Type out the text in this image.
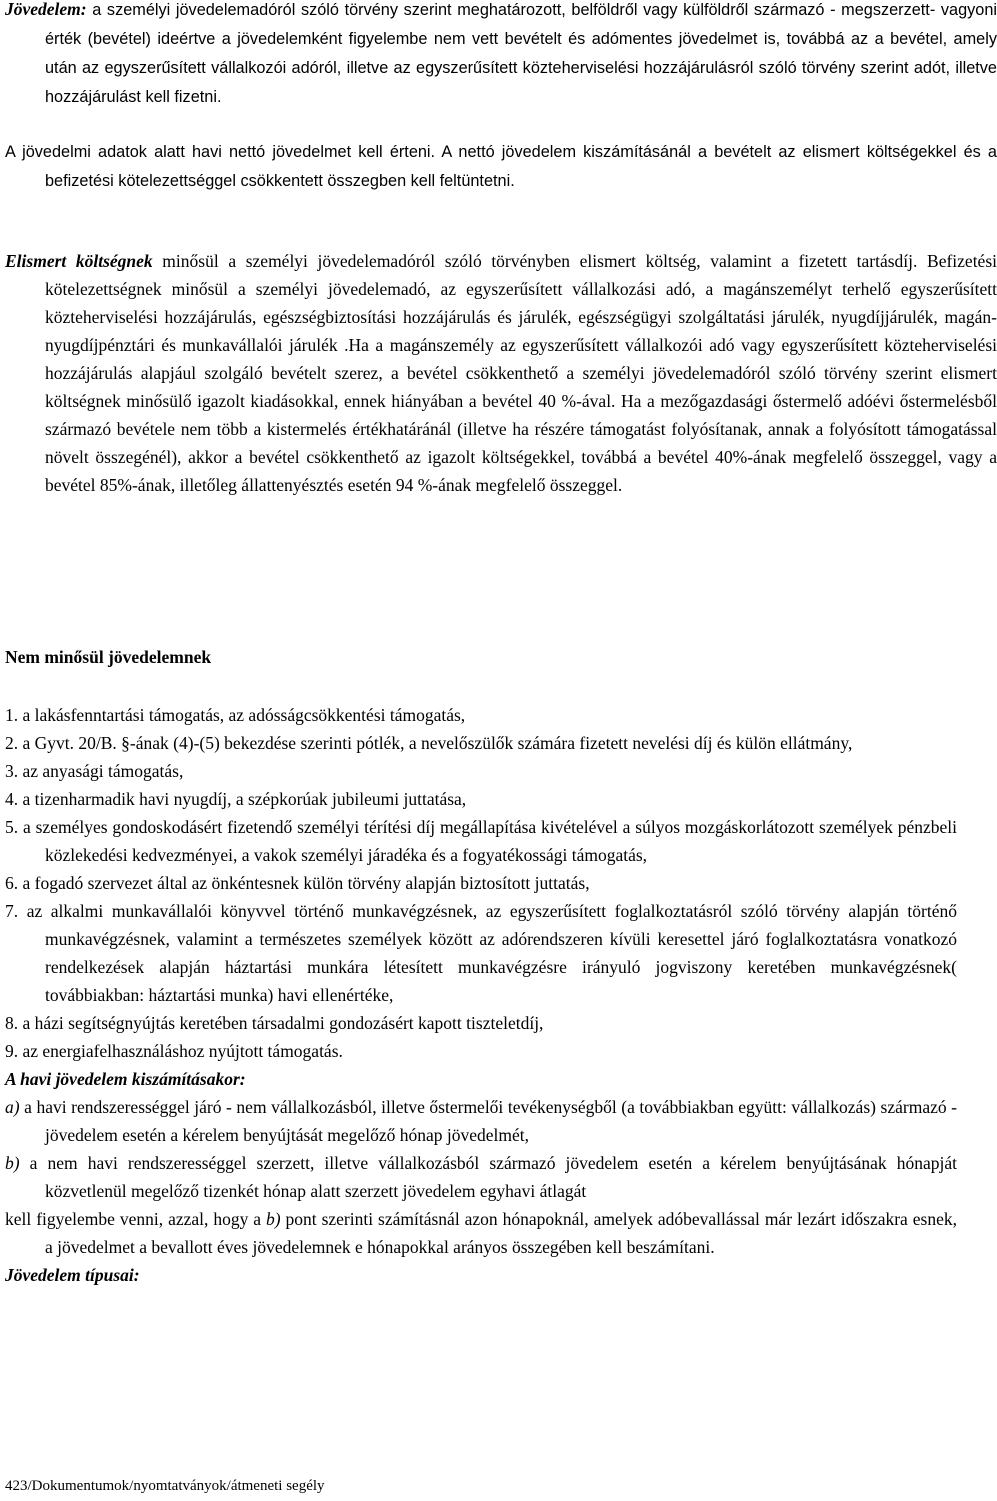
Jövedelem: a személyi jövedelemadóról szóló törvény szerint meghatározott, belföldről vagy külföldről származó - megszerzett- vagyoni érték (bevétel) ideértve a jövedelemként figyelembe nem vett bevételt és adómentes jövedelmet is, továbbá az a bevétel, amely után az egyszerűsített vállalkozói adóról, illetve az egyszerűsített közteherviselési hozzájárulásról szóló törvény szerint adót, illetve hozzájárulást kell fizetni.

A jövedelmi adatok alatt havi nettó jövedelmet kell érteni. A nettó jövedelem kiszámításánál a bevételt az elismert költségekkel és a befizetési kötelezettséggel csökkentett összegben kell feltüntetni.

Elismert költségnek minősül a személyi jövedelemadóról szóló törvényben elismert költség, valamint a fizetett tartásdíj. Befizetési kötelezettségnek minősül a személyi jövedelemadó, az egyszerűsített vállalkozási adó, a magánszemélyt terhelő egyszerűsített közteherviselési hozzájárulás, egészségbiztosítási hozzájárulás és járulék, egészségügyi szolgáltatási járulék, nyugdíjjárulék, magán-nyugdíjpénztári és munkavállalói járulék .Ha a magánszemély az egyszerűsített vállalkozói adó vagy egyszerűsített közteherviselési hozzájárulás alapjául szolgáló bevételt szerez, a bevétel csökkenthető a személyi jövedelemadóról szóló törvény szerint elismert költségnek minősülő igazolt kiadásokkal, ennek hiányában a bevétel 40 %-ával. Ha a mezőgazdasági őstermelő adóévi őstermelésből származó bevétele nem több a kistermelés értékhatáránál (illetve ha részére támogatást folyósítanak, annak a folyósított támogatással növelt összegénél), akkor a bevétel csökkenthető az igazolt költségekkel, továbbá a bevétel 40%-ának megfelelő összeggel, vagy a bevétel 85%-ának, illetőleg állattenyésztés esetén 94 %-ának megfelelő összeggel.

Nem minősül jövedelemnek
1. a lakásfenntartási támogatás, az adósságcsökkentési támogatás,
2. a Gyvt. 20/B. §-ának (4)-(5) bekezdése szerinti pótlék, a nevelőszülők számára fizetett nevelési díj és külön ellátmány,
3. az anyasági támogatás,
4. a tizenharmadik havi nyugdíj, a szépkorúak jubileumi juttatása,
5. a személyes gondoskodásért fizetendő személyi térítési díj megállapítása kivételével a súlyos mozgáskorlátozott személyek pénzbeli közlekedési kedvezményei, a vakok személyi járadéka és a fogyatékossági támogatás,
6. a fogadó szervezet által az önkéntesnek külön törvény alapján biztosított juttatás,
7. az alkalmi munkavállalói könyvvel történő munkavégzésnek, az egyszerűsített foglalkoztatásról szóló törvény alapján történő munkavégzésnek, valamint a természetes személyek között az adórendszeren kívüli keresettel járó foglalkoztatásra vonatkozó rendelkezések alapján háztartási munkára létesített munkavégzésre irányuló jogviszony keretében munkavégzésnek( továbbiakban: háztartási munka) havi ellenértéke,
8. a házi segítségnyújtás keretében társadalmi gondozásért kapott tiszteletdíj,
9. az energiafelhasználáshoz nyújtott támogatás.
A havi jövedelem kiszámításakor:
a) a havi rendszerességgel járó - nem vállalkozásból, illetve őstermelői tevékenységből (a továbbiakban együtt: vállalkozás) származó - jövedelem esetén a kérelem benyújtását megelőző hónap jövedelmét,
b) a nem havi rendszerességgel szerzett, illetve vállalkozásból származó jövedelem esetén a kérelem benyújtásának hónapját közvetlenül megelőző tizenkét hónap alatt szerzett jövedelem egyhavi átlagát
kell figyelembe venni, azzal, hogy a b) pont szerinti számításnál azon hónapoknál, amelyek adóbevallással már lezárt időszakra esnek, a jövedelmet a bevallott éves jövedelemnek e hónapokkal arányos összegében kell beszámítani.
Jövedelem típusai:
423/Dokumentumok/nyomtatványok/átmeneti segély
